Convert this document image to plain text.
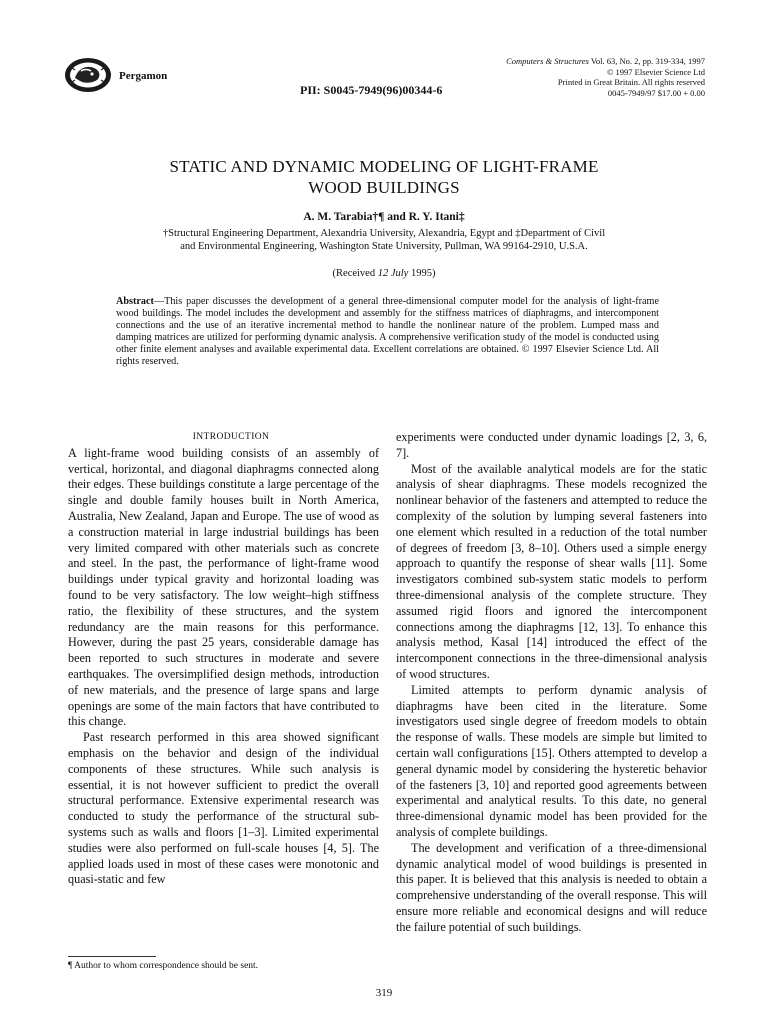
Pergamon
PII: S0045-7949(96)00344-6
Computers & Structures Vol. 63, No. 2, pp. 319-334, 1997
© 1997 Elsevier Science Ltd
Printed in Great Britain. All rights reserved
0045-7949/97 $17.00 + 0.00
STATIC AND DYNAMIC MODELING OF LIGHT-FRAME
WOOD BUILDINGS
A. M. Tarabia†¶ and R. Y. Itani‡
†Structural Engineering Department, Alexandria University, Alexandria, Egypt and ‡Department of Civil
and Environmental Engineering, Washington State University, Pullman, WA 99164-2910, U.S.A.
(Received 12 July 1995)
Abstract—This paper discusses the development of a general three-dimensional computer model for the analysis of light-frame wood buildings. The model includes the development and assembly for the stiffness matrices of diaphragms, and intercomponent connections and the use of an iterative incremental method to handle the nonlinear nature of the problem. Lumped mass and damping matrices are utilized for performing dynamic analysis. A comprehensive verification study of the model is conducted using other finite element analyses and available experimental data. Excellent correlations are obtained. © 1997 Elsevier Science Ltd. All rights reserved.

INTRODUCTION

A light-frame wood building consists of an assembly of vertical, horizontal, and diagonal diaphragms connected along their edges. These buildings constitute a large percentage of the single and double family houses built in North America, Australia, New Zealand, Japan and Europe. The use of wood as a construction material in large industrial buildings has been very limited compared with other materials such as concrete and steel. In the past, the performance of light-frame wood buildings under typical gravity and horizontal loading was found to be very satisfactory. The low weight–high stiffness ratio, the flexibility of these structures, and the system redundancy are the main reasons for this performance. However, during the past 25 years, considerable damage has been reported to such structures in moderate and severe earthquakes. The oversimplified design methods, introduction of new materials, and the presence of large spans and large openings are some of the main factors that have contributed to this change.

Past research performed in this area showed significant emphasis on the behavior and design of the individual components of these structures. While such analysis is essential, it is not however sufficient to predict the overall structural performance. Extensive experimental research was conducted to study the performance of the structural sub-systems such as walls and floors [1–3]. Limited experimental studies were also performed on full-scale houses [4, 5]. The applied loads used in most of these cases were monotonic and quasi-static and few

experiments were conducted under dynamic loadings [2, 3, 6, 7].

Most of the available analytical models are for the static analysis of shear diaphragms. These models recognized the nonlinear behavior of the fasteners and attempted to reduce the complexity of the solution by lumping several fasteners into one element which resulted in a reduction of the total number of degrees of freedom [3, 8–10]. Others used a simple energy approach to quantify the response of shear walls [11]. Some investigators combined sub-system static models to perform three-dimensional analysis of the complete structure. They assumed rigid floors and ignored the intercomponent connections among the diaphragms [12, 13]. To enhance this analysis method, Kasal [14] introduced the effect of the intercomponent connections in the three-dimensional analysis of wood structures.

Limited attempts to perform dynamic analysis of diaphragms have been cited in the literature. Some investigators used single degree of freedom models to obtain the response of walls. These models are simple but limited to certain wall configurations [15]. Others attempted to develop a general dynamic model by considering the hysteretic behavior of the fasteners [3, 10] and reported good agreements between experimental and analytical results. To this date, no general three-dimensional dynamic model has been provided for the analysis of complete buildings.

The development and verification of a three-dimensional dynamic analytical model of wood buildings is presented in this paper. It is believed that this analysis is needed to obtain a comprehensive understanding of the overall response. This will ensure more reliable and economical designs and will reduce the failure potential of such buildings.

¶ Author to whom correspondence should be sent.
319
